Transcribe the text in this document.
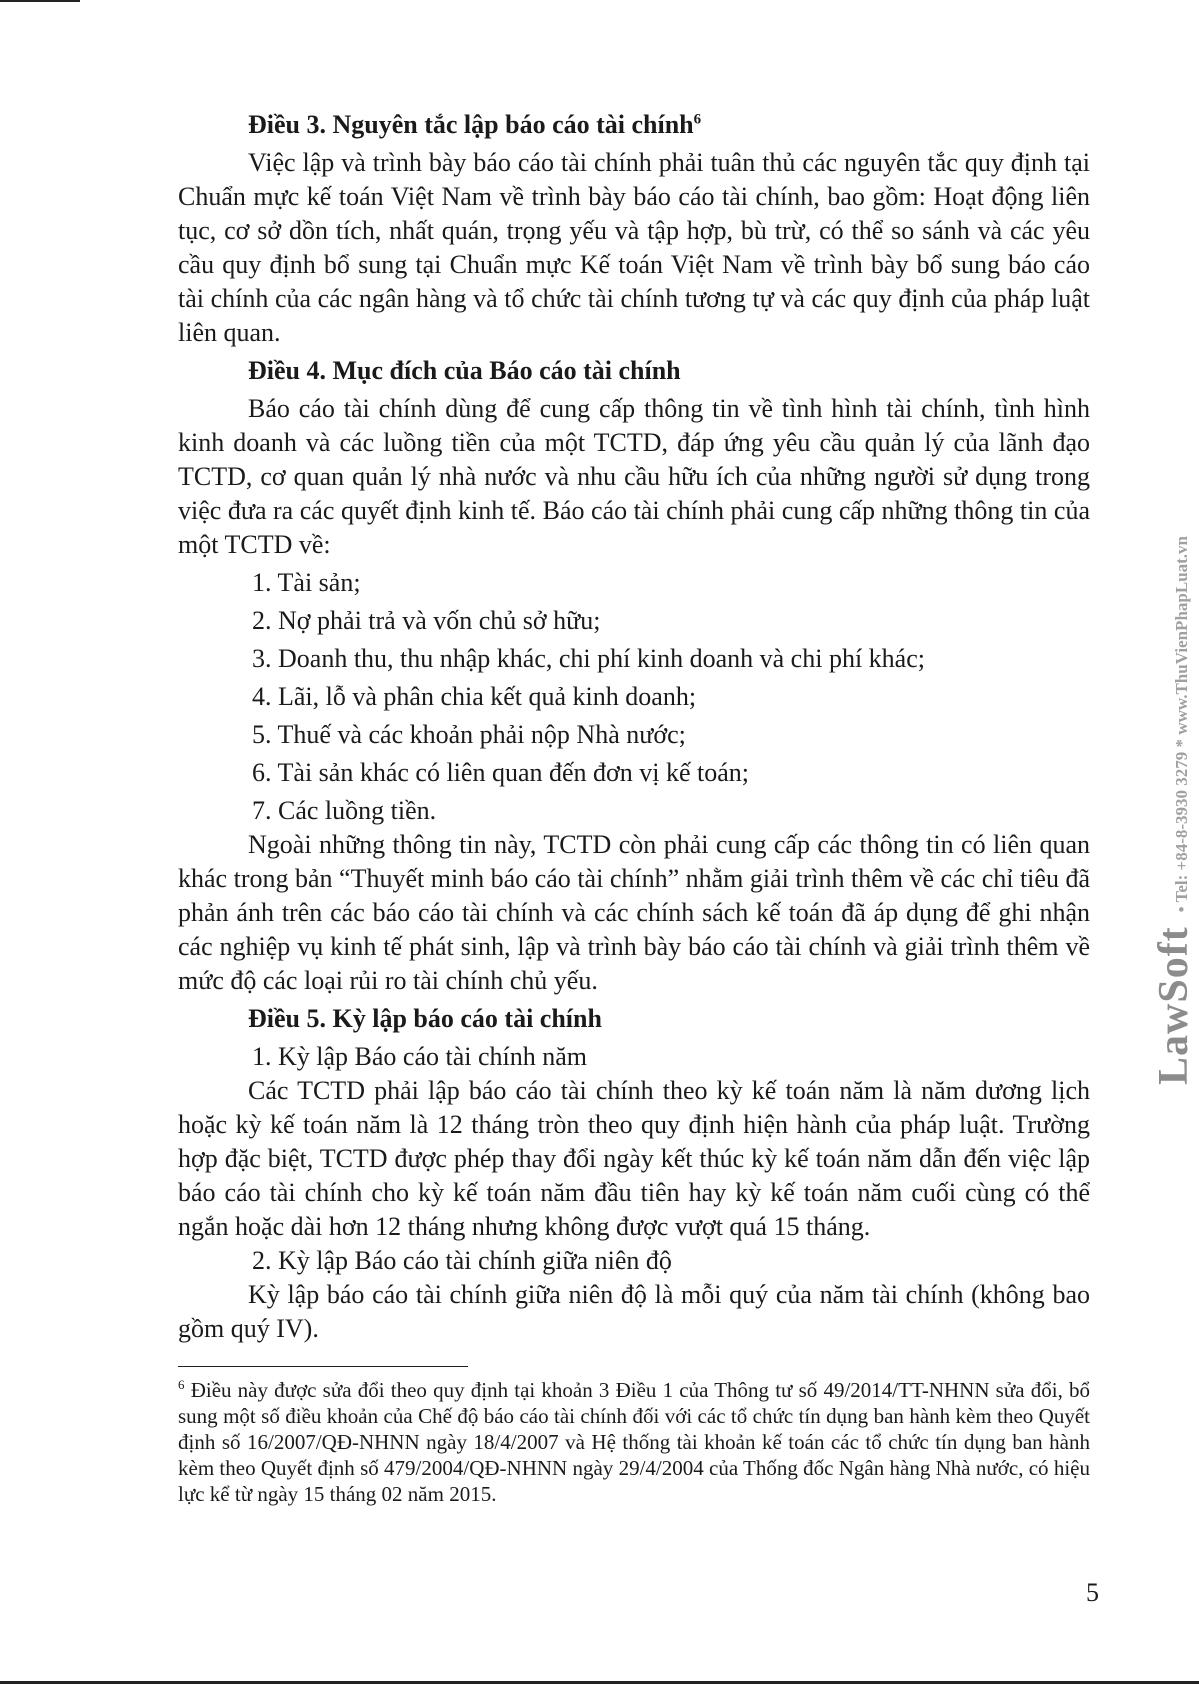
Điều 3. Nguyên tắc lập báo cáo tài chính$^6$

Việc lập và trình bày báo cáo tài chính phải tuân thủ các nguyên tắc quy định tại Chuẩn mực kế toán Việt Nam về trình bày báo cáo tài chính, bao gồm: Hoạt động liên tục, cơ sở dồn tích, nhất quán, trọng yếu và tập hợp, bù trừ, có thể so sánh và các yêu cầu quy định bổ sung tại Chuẩn mực Kế toán Việt Nam về trình bày bổ sung báo cáo tài chính của các ngân hàng và tổ chức tài chính tương tự và các quy định của pháp luật liên quan.

Điều 4. Mục đích của Báo cáo tài chính

Báo cáo tài chính dùng để cung cấp thông tin về tình hình tài chính, tình hình kinh doanh và các luồng tiền của một TCTD, đáp ứng yêu cầu quản lý của lãnh đạo TCTD, cơ quan quản lý nhà nước và nhu cầu hữu ích của những người sử dụng trong việc đưa ra các quyết định kinh tế. Báo cáo tài chính phải cung cấp những thông tin của một TCTD về:

1. Tài sản;
2. Nợ phải trả và vốn chủ sở hữu;
3. Doanh thu, thu nhập khác, chi phí kinh doanh và chi phí khác;
4. Lãi, lỗ và phân chia kết quả kinh doanh;
5. Thuế và các khoản phải nộp Nhà nước;
6. Tài sản khác có liên quan đến đơn vị kế toán;
7. Các luồng tiền.

Ngoài những thông tin này, TCTD còn phải cung cấp các thông tin có liên quan khác trong bản “Thuyết minh báo cáo tài chính” nhằm giải trình thêm về các chỉ tiêu đã phản ánh trên các báo cáo tài chính và các chính sách kế toán đã áp dụng để ghi nhận các nghiệp vụ kinh tế phát sinh, lập và trình bày báo cáo tài chính và giải trình thêm về mức độ các loại rủi ro tài chính chủ yếu.

Điều 5. Kỳ lập báo cáo tài chính
1. Kỳ lập Báo cáo tài chính năm

Các TCTD phải lập báo cáo tài chính theo kỳ kế toán năm là năm dương lịch hoặc kỳ kế toán năm là 12 tháng tròn theo quy định hiện hành của pháp luật. Trường hợp đặc biệt, TCTD được phép thay đổi ngày kết thúc kỳ kế toán năm dẫn đến việc lập báo cáo tài chính cho kỳ kế toán năm đầu tiên hay kỳ kế toán năm cuối cùng có thể ngắn hoặc dài hơn 12 tháng nhưng không được vượt quá 15 tháng.

2. Kỳ lập Báo cáo tài chính giữa niên độ

Kỳ lập báo cáo tài chính giữa niên độ là mỗi quý của năm tài chính (không bao gồm quý IV).

$^6$ Điều này được sửa đổi theo quy định tại khoản 3 Điều 1 của Thông tư số 49/2014/TT-NHNN sửa đổi, bổ sung một số điều khoản của Chế độ báo cáo tài chính đối với các tổ chức tín dụng ban hành kèm theo Quyết định số 16/2007/QĐ-NHNN ngày 18/4/2007 và Hệ thống tài khoản kế toán các tổ chức tín dụng ban hành kèm theo Quyết định số 479/2004/QĐ-NHNN ngày 29/4/2004 của Thống đốc Ngân hàng Nhà nước, có hiệu lực kể từ ngày 15 tháng 02 năm 2015.

5
LawSoft• Tel: +84-8-3930 3279 * www.ThuVienPhapLuat.vn
